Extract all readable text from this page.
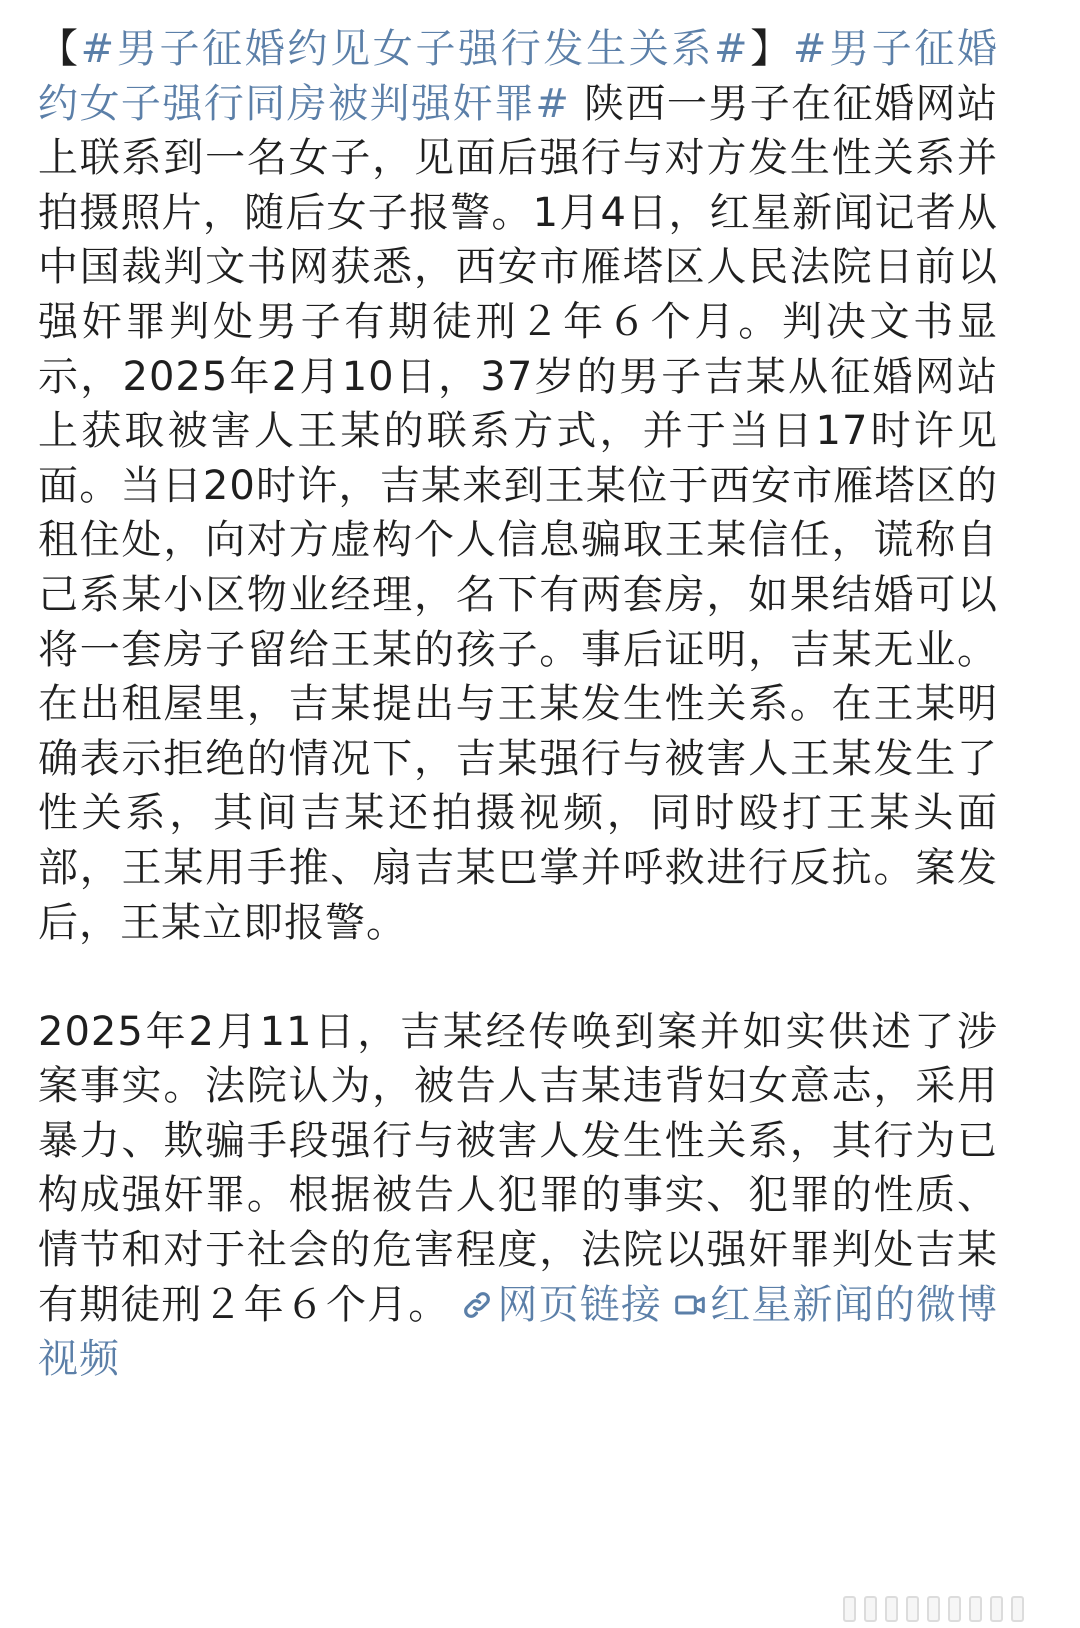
【#男子征婚约见女子强行发生关系#】#男子征婚约女子强行同房被判强奸罪# 陕西一男子在征婚网站上联系到一名女子，见面后强行与对方发生性关系并拍摄照片，随后女子报警。1月4日，红星新闻记者从中国裁判文书网获悉，西安市雁塔区人民法院日前以强奸罪判处男子有期徒刑２年６个月。判决文书显示，2025年2月10日，37岁的男子吉某从征婚网站上获取被害人王某的联系方式，并于当日17时许见面。当日20时许，吉某来到王某位于西安市雁塔区的租住处，向对方虚构个人信息骗取王某信任，谎称自己系某小区物业经理，名下有两套房，如果结婚可以将一套房子留给王某的孩子。事后证明，吉某无业。在出租屋里，吉某提出与王某发生性关系。在王某明确表示拒绝的情况下，吉某强行与被害人王某发生了性关系，其间吉某还拍摄视频，同时殴打王某头面部，王某用手推、扇吉某巴掌并呼救进行反抗。案发后，王某立即报警。

2025年2月11日，吉某经传唤到案并如实供述了涉案事实。法院认为，被告人吉某违背妇女意志，采用暴力、欺骗手段强行与被害人发生性关系，其行为已构成强奸罪。根据被告人犯罪的事实、犯罪的性质、情节和对于社会的危害程度，法院以强奸罪判处吉某有期徒刑２年６个月。 网页链接 红星新闻的微博视频
